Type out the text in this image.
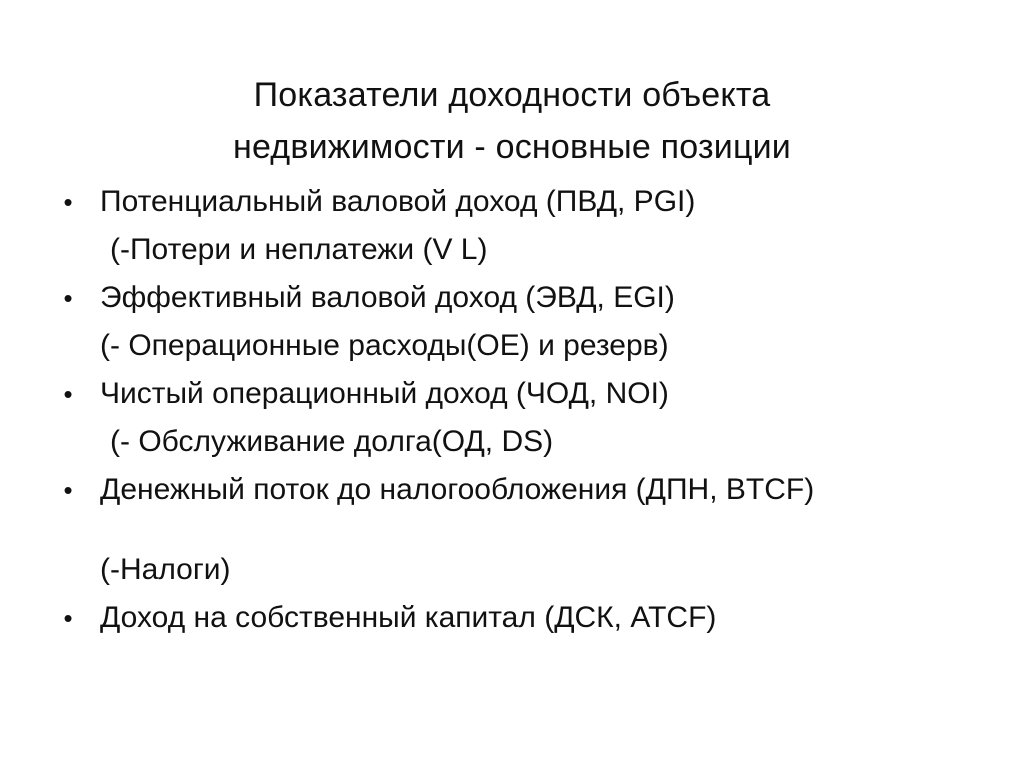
Показатели доходности объекта
недвижимости - основные позиции
• Потенциальный валовой доход (ПВД, PGI)
(-Потери и неплатежи (V L)
• Эффективный валовой доход (ЭВД, EGI)
(- Операционные расходы(ОЕ) и резерв)
• Чистый операционный доход (ЧОД, NOI)
(- Обслуживание долга(ОД, DS)
• Денежный поток до налогообложения (ДПН, BTCF)
(-Налоги)
• Доход на собственный капитал (ДСК, ATCF)
